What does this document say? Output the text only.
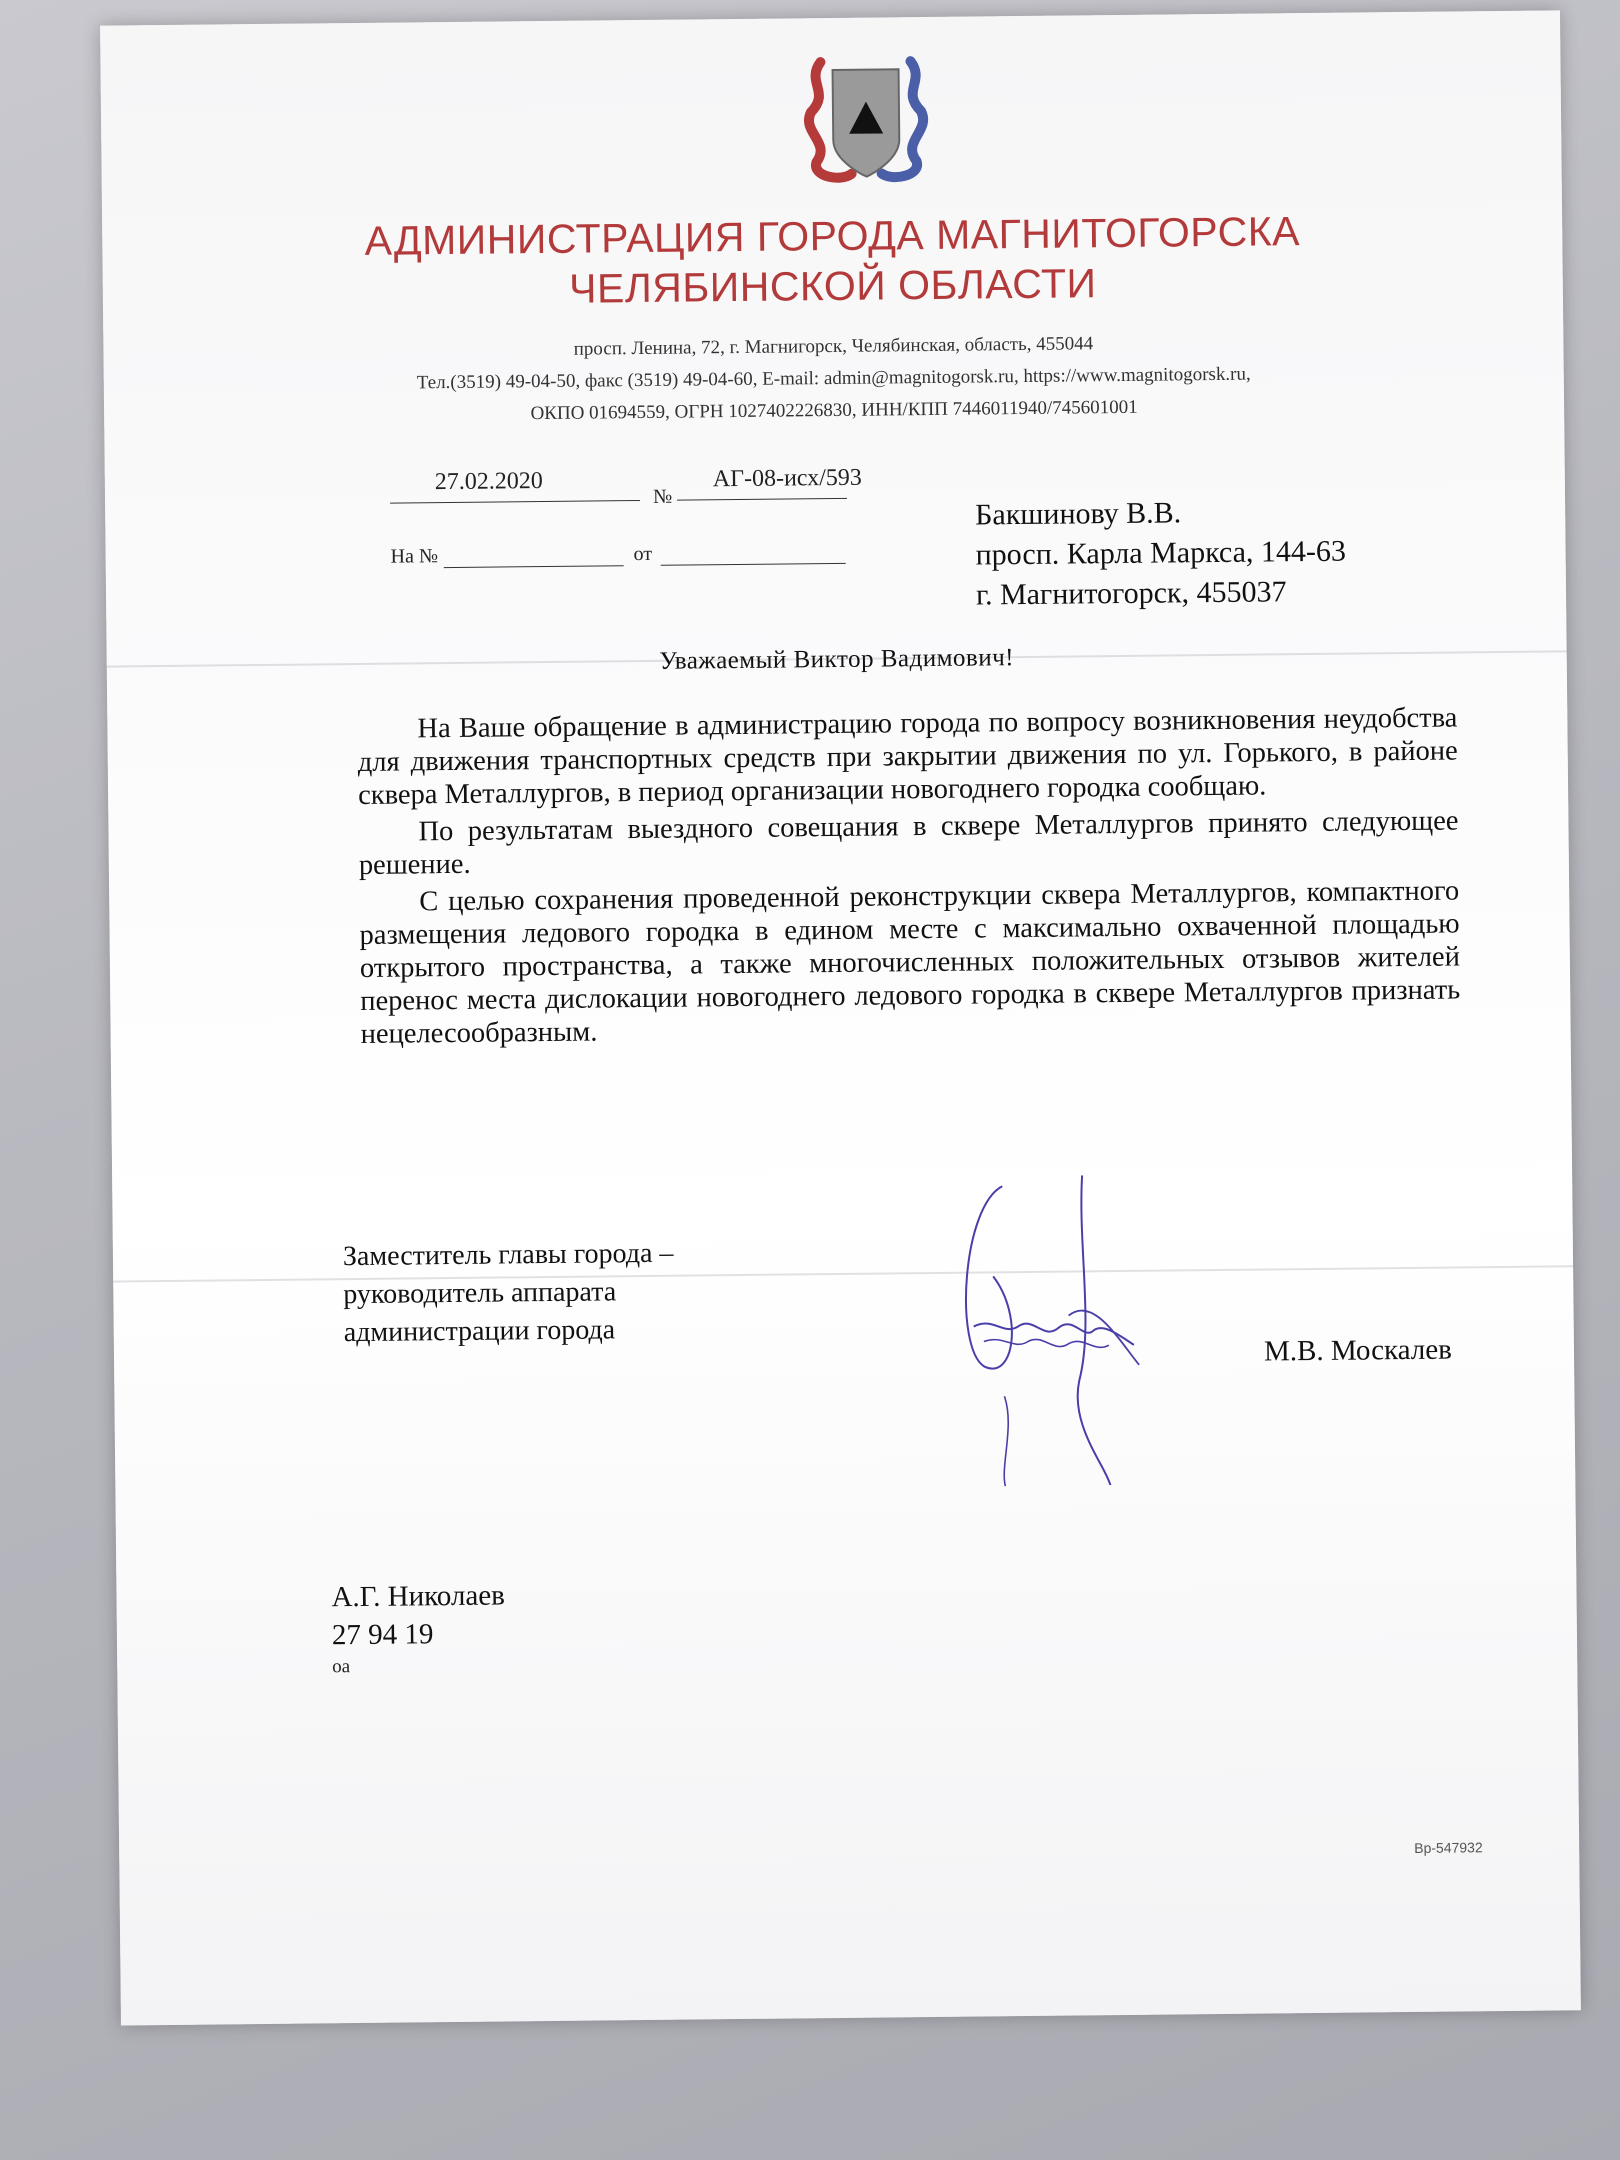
АДМИНИСТРАЦИЯ ГОРОДА МАГНИТОГОРСКА
ЧЕЛЯБИНСКОЙ ОБЛАСТИ
просп. Ленина, 72, г. Магнигорск, Челябинская, область, 455044
Тел.(3519) 49-04-50, факс (3519) 49-04-60, E-mail: admin@magnitogorsk.ru, https://www.magnitogorsk.ru,
ОКПО 01694559, ОГРН 1027402226830, ИНН/КПП 7446011940/745601001
27.02.2020
№
АГ-08-исх/593
На №	от
Бакшинову В.В.
просп. Карла Маркса, 144-63
г. Магнитогорск, 455037
Уважаемый Виктор Вадимович!

На Ваше обращение в администрацию города по вопросу возникновения неудобства для движения транспортных средств при закрытии движения по ул. Горького, в районе сквера Металлургов, в период организации новогоднего городка сообщаю.

По результатам выездного совещания в сквере Металлургов принято следующее решение.

С целью сохранения проведенной реконструкции сквера Металлургов, компактного размещения ледового городка в едином месте с максимально охваченной площадью открытого пространства, а также многочисленных положительных отзывов жителей перенос места дислокации новогоднего ледового городка в сквере Металлургов признать нецелесообразным.

Заместитель главы города –
руководитель аппарата
администрации города
М.В. Москалев
А.Г. Николаев
27 94 19
оа
Вр-547932
